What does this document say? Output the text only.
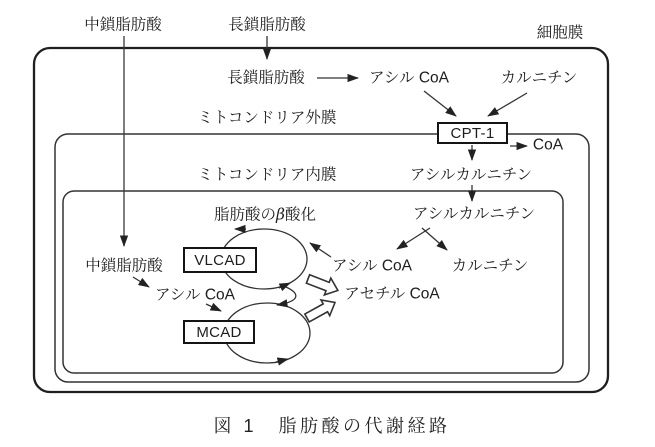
CPT-1
VLCAD
MCAD
中鎖脂肪酸	長鎖脂肪酸	細胞膜
長鎖脂肪酸	アシル CoA	カルニチン
ミトコンドリア外膜
CoA
アシルカルニチン
ミトコンドリア内膜
アシルカルニチン
脂肪酸のβ酸化
中鎖脂肪酸
アシル CoA
アシル CoA	カルニチン
アセチル CoA
図 1　脂肪酸の代謝経路
